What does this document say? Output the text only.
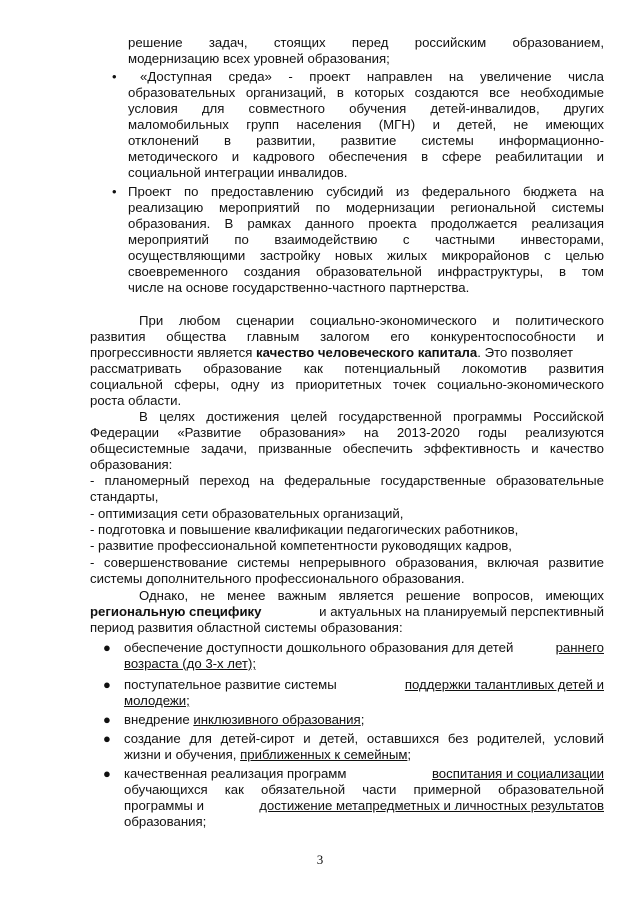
решение задач, стоящих перед российским образованием,
модернизацию всех уровней образования;
• «Доступная среда» - проект направлен на увеличение числа
образовательных организаций, в которых создаются все необходимые
условия для совместного обучения детей-инвалидов, других
маломобильных групп населения (МГН) и детей, не имеющих
отклонений в развитии, развитие системы информационно-
методического и кадрового обеспечения в сфере реабилитации и
социальной интеграции инвалидов.
• Проект по предоставлению субсидий из федерального бюджета на
реализацию мероприятий по модернизации региональной системы
образования. В рамках данного проекта продолжается реализация
мероприятий по взаимодействию с частными инвесторами,
осуществляющими застройку новых жилых микрорайонов с целью
своевременного создания образовательной инфраструктуры, в том
числе на основе государственно-частного партнерства.
При любом сценарии социально-экономического и политического
развития общества главным залогом его конкурентоспособности и
прогрессивности является качество человеческого капитала. Это позволяет
рассматривать образование как потенциальный локомотив развития
социальной сферы, одну из приоритетных точек социально-экономического
роста области.
В целях достижения целей государственной программы Российской
Федерации «Развитие образования» на 2013-2020 годы реализуются
общесистемные задачи, призванные обеспечить эффективность и качество
образования:
- планомерный переход на федеральные государственные образовательные
стандарты,
- оптимизация сети образовательных организаций,
- подготовка и повышение квалификации педагогических работников,
- развитие профессиональной компетентности руководящих кадров,
- совершенствование системы непрерывного образования, включая развитие
системы дополнительного профессионального образования.
Однако, не менее важным является решение вопросов, имеющих
региональную специфику	и актуальных на планируемый перспективный
период развития областной системы образования:
● обеспечение доступности дошкольного образования для детей	раннего
возраста (до 3-х лет);
● поступательное развитие системы	поддержки талантливых детей и
молодежи;
● внедрение инклюзивного образования;
● создание для детей-сирот и детей, оставшихся без родителей, условий
жизни и обучения, приближенных к семейным;
● качественная реализация программ	воспитания и социализации
обучающихся как обязательной части примерной образовательной
программы и	достижение метапредметных и личностных результатов
образования;
3
